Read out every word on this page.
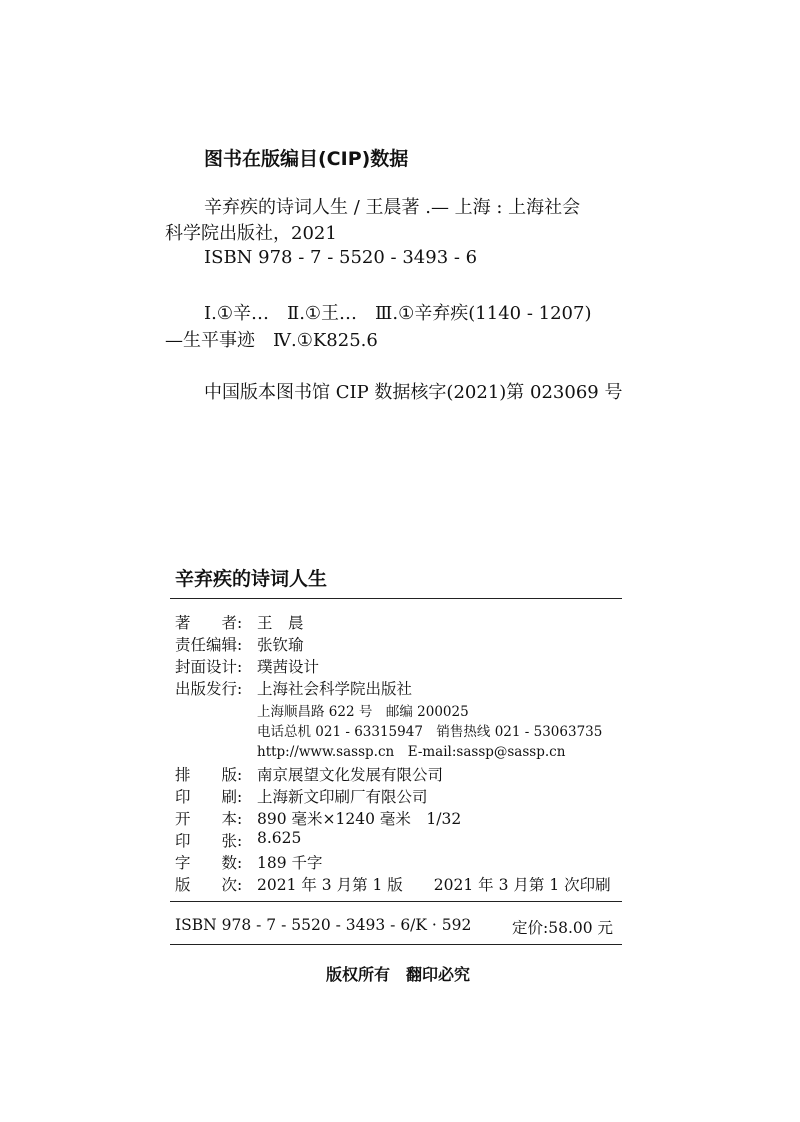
图书在版编目(CIP)数据
辛弃疾的诗词人生 / 王晨著 .— 上海 : 上海社会
科学院出版社，2021
ISBN 978 - 7 - 5520 - 3493 - 6
Ⅰ.①辛…　Ⅱ.①王…　Ⅲ.①辛弃疾(1140 - 1207)
—生平事迹　Ⅳ.①K825.6
中国版本图书馆 CIP 数据核字(2021)第 023069 号
辛弃疾的诗词人生
著　　者: 王　晨
责任编辑: 张钦瑜
封面设计: 璞茜设计
出版发行: 上海社会科学院出版社
上海顺昌路 622 号　邮编 200025
电话总机 021 - 63315947　销售热线 021 - 53063735
http://www.sassp.cn　E-mail:sassp@sassp.cn
排　　版: 南京展望文化发展有限公司
印　　刷: 上海新文印刷厂有限公司
开　　本: 890 毫米×1240 毫米　1/32
印　　张: 8.625
字　　数: 189 千字
版　　次: 2021 年 3 月第 1 版　　2021 年 3 月第 1 次印刷
ISBN 978 - 7 - 5520 - 3493 - 6/K · 592	定价:58.00 元
版权所有　翻印必究
